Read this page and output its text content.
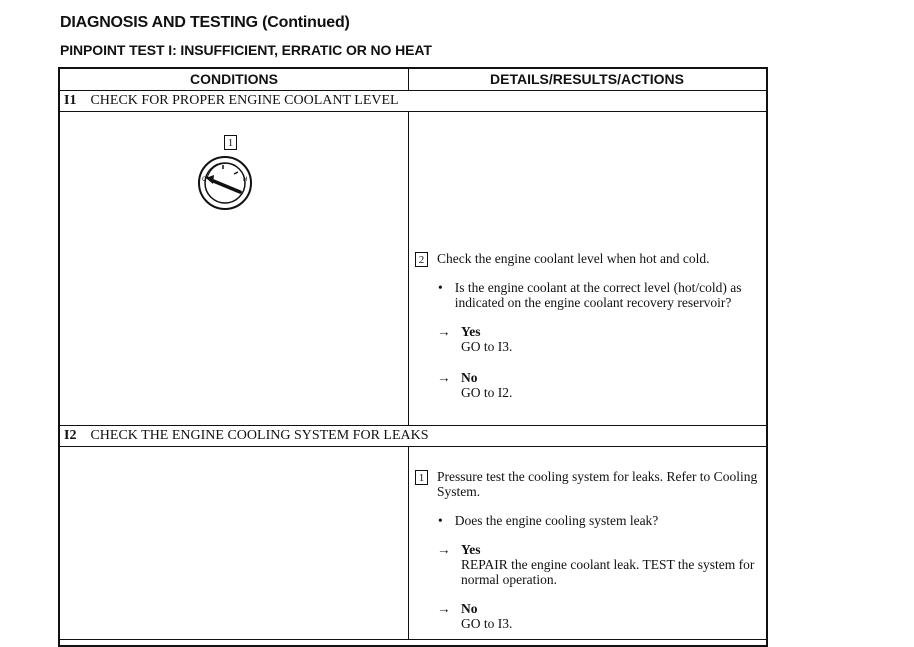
DIAGNOSIS AND TESTING (Continued)
PINPOINT TEST I: INSUFFICIENT, ERRATIC OR NO HEAT
CONDITIONS	DETAILS/RESULTS/ACTIONS
I1 CHECK FOR PROPER ENGINE COOLANT LEVEL
1
C	H
2 Check the engine coolant level when hot and cold.
• Is the engine coolant at the correct level (hot/cold) as indicated on the engine coolant recovery reservoir?
→ Yes
GO to I3.
→ No
GO to I2.
I2 CHECK THE ENGINE COOLING SYSTEM FOR LEAKS
1 Pressure test the cooling system for leaks. Refer to Cooling System.
• Does the engine cooling system leak?
→ Yes
REPAIR the engine coolant leak. TEST the system for normal operation.
→ No
GO to I3.
